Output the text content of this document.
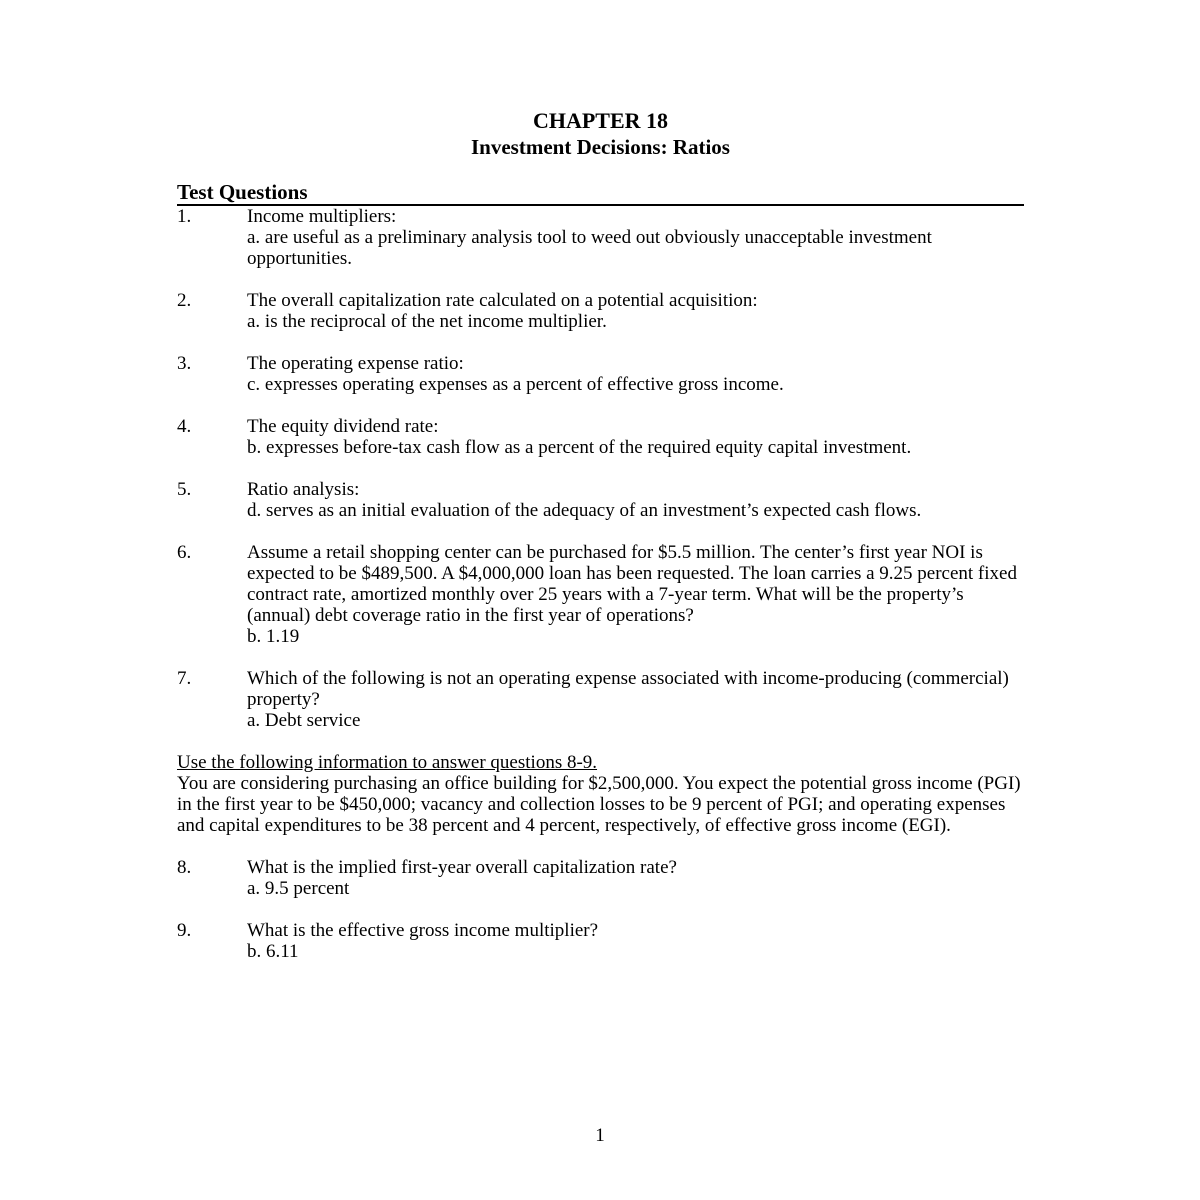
CHAPTER 18
Investment Decisions: Ratios
Test Questions
1.	Income multipliers:
a. are useful as a preliminary analysis tool to weed out obviously unacceptable investment opportunities.
2.	The overall capitalization rate calculated on a potential acquisition:
a. is the reciprocal of the net income multiplier.
3.	The operating expense ratio:
c. expresses operating expenses as a percent of effective gross income.
4.	The equity dividend rate:
b. expresses before-tax cash flow as a percent of the required equity capital investment.
5.	Ratio analysis:
d. serves as an initial evaluation of the adequacy of an investment’s expected cash flows.
6.	Assume a retail shopping center can be purchased for $5.5 million. The center’s first year NOI is expected to be $489,500. A $4,000,000 loan has been requested. The loan carries a 9.25 percent fixed contract rate, amortized monthly over 25 years with a 7-year term. What will be the property’s (annual) debt coverage ratio in the first year of operations?
b. 1.19
7.	Which of the following is not an operating expense associated with income-producing (commercial) property?
a. Debt service
Use the following information to answer questions 8-9.
You are considering purchasing an office building for $2,500,000. You expect the potential gross income (PGI) in the first year to be $450,000; vacancy and collection losses to be 9 percent of PGI; and operating expenses and capital expenditures to be 38 percent and 4 percent, respectively, of effective gross income (EGI).
8.	What is the implied first-year overall capitalization rate?
a. 9.5 percent
9.	What is the effective gross income multiplier?
b. 6.11
1
